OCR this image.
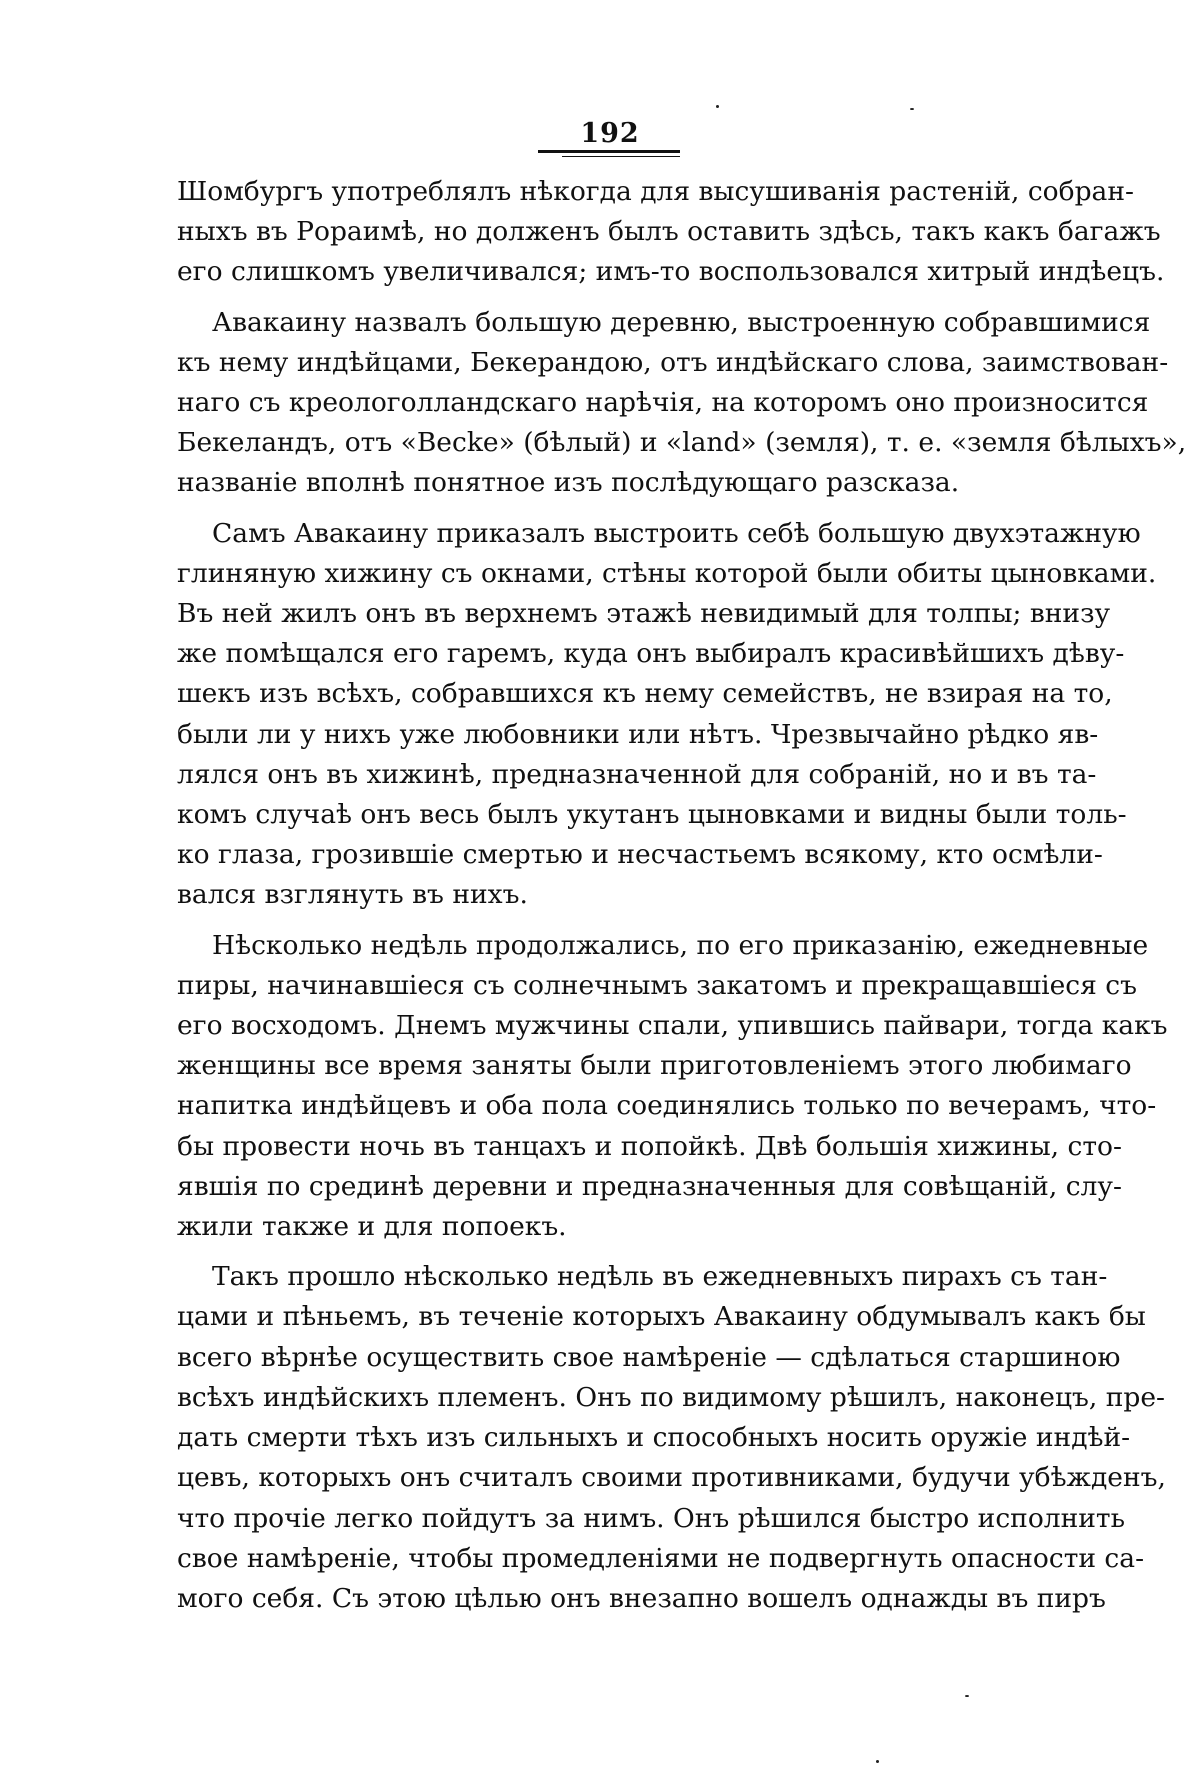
192
Шомбургъ употреблялъ нѣкогда для высушиванія растеній, собран-
ныхъ въ Рораимѣ, но долженъ былъ оставить здѣсь, такъ какъ багажъ
его слишкомъ увеличивался; имъ-то воспользовался хитрый индѣецъ.
Авакаину назвалъ большую деревню, выстроенную собравшимися
къ нему индѣйцами, Бекерандою, отъ индѣйскаго слова, заимствован-
наго съ креологолландскаго нарѣчія, на которомъ оно произносится
Бекеландъ, отъ «Becke» (бѣлый) и «land» (земля), т. е. «земля бѣлыхъ»,
названіе вполнѣ понятное изъ послѣдующаго разсказа.
Самъ Авакаину приказалъ выстроить себѣ большую двухэтажную
глиняную хижину съ окнами, стѣны которой были обиты цыновками.
Въ ней жилъ онъ въ верхнемъ этажѣ невидимый для толпы; внизу
же помѣщался его гаремъ, куда онъ выбиралъ красивѣйшихъ дѣву-
шекъ изъ всѣхъ, собравшихся къ нему семействъ, не взирая на то,
были ли у нихъ уже любовники или нѣтъ. Чрезвычайно рѣдко яв-
лялся онъ въ хижинѣ, предназначенной для собраній, но и въ та-
комъ случаѣ онъ весь былъ укутанъ цыновками и видны были толь-
ко глаза, грозившіе смертью и несчастьемъ всякому, кто осмѣли-
вался взглянуть въ нихъ.
Нѣсколько недѣль продолжались, по его приказанію, ежедневные
пиры, начинавшіеся съ солнечнымъ закатомъ и прекращавшіеся съ
его восходомъ. Днемъ мужчины спали, упившись пайвари, тогда какъ
женщины все время заняты были приготовленіемъ этого любимаго
напитка индѣйцевъ и оба пола соединялись только по вечерамъ, что-
бы провести ночь въ танцахъ и попойкѣ. Двѣ большія хижины, сто-
явшія по срединѣ деревни и предназначенныя для совѣщаній, слу-
жили также и для попоекъ.
Такъ прошло нѣсколько недѣль въ ежедневныхъ пирахъ съ тан-
цами и пѣньемъ, въ теченіе которыхъ Авакаину обдумывалъ какъ бы
всего вѣрнѣе осуществить свое намѣреніе — сдѣлаться старшиною
всѣхъ индѣйскихъ племенъ. Онъ по видимому рѣшилъ, наконецъ, пре-
дать смерти тѣхъ изъ сильныхъ и способныхъ носить оружіе индѣй-
цевъ, которыхъ онъ считалъ своими противниками, будучи убѣжденъ,
что прочіе легко пойдутъ за нимъ. Онъ рѣшился быстро исполнить
свое намѣреніе, чтобы промедленіями не подвергнуть опасности са-
мого себя. Съ этою цѣлью онъ внезапно вошелъ однажды въ пиръ
